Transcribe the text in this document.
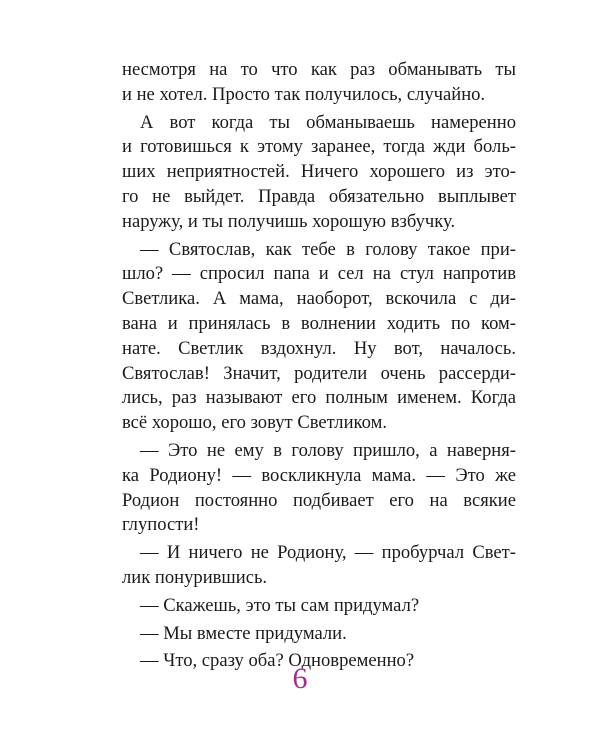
несмотря на то что как раз обманывать ты
и не хотел. Просто так получилось, случайно.
А вот когда ты обманываешь намеренно
и готовишься к этому заранее, тогда жди боль-
ших неприятностей. Ничего хорошего из это-
го не выйдет. Правда обязательно выплывет
наружу, и ты получишь хорошую взбучку.
— Святослав, как тебе в голову такое при-
шло? — спросил папа и сел на стул напротив
Светлика. А мама, наоборот, вскочила с ди-
вана и принялась в волнении ходить по ком-
нате. Светлик вздохнул. Ну вот, началось.
Святослав! Значит, родители очень рассерди-
лись, раз называют его полным именем. Когда
всё хорошо, его зовут Светликом.
— Это не ему в голову пришло, а наверня-
ка Родиону! — воскликнула мама. — Это же
Родион постоянно подбивает его на всякие
глупости!
— И ничего не Родиону, — пробурчал Свет-
лик понурившись.
— Скажешь, это ты сам придумал?
— Мы вместе придумали.
— Что, сразу оба? Одновременно?
6
